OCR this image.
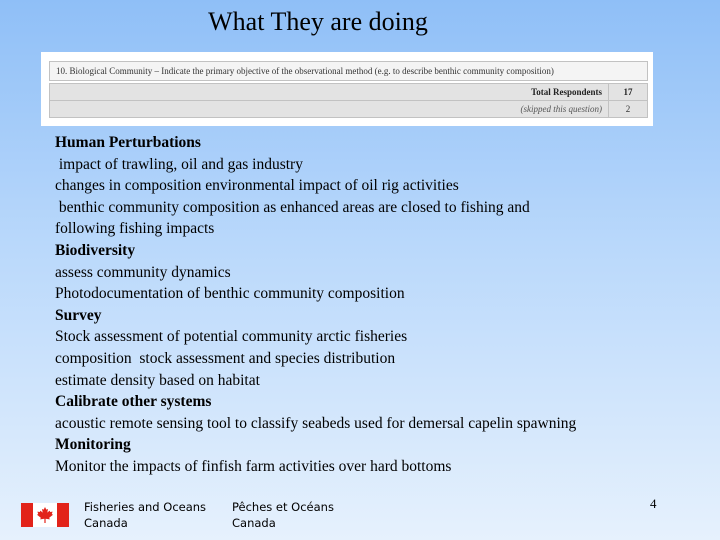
What They are doing
10. Biological Community – Indicate the primary objective of the observational method (e.g. to describe benthic community composition)	

Total Respondents	17
(skipped this question)	2
Human Perturbations
impact of trawling, oil and gas industry
changes in composition environmental impact of oil rig activities
benthic community composition as enhanced areas are closed to fishing and
following fishing impacts
Biodiversity
assess community dynamics
Photodocumentation of benthic community composition
Survey
Stock assessment of potential community arctic fisheries
composition  stock assessment and species distribution
estimate density based on habitat
Calibrate other systems
acoustic remote sensing tool to classify seabeds used for demersal capelin spawning
Monitoring
Monitor the impacts of finfish farm activities over hard bottoms
4
Fisheries and Oceans
Canada
Pêches et Océans
Canada
